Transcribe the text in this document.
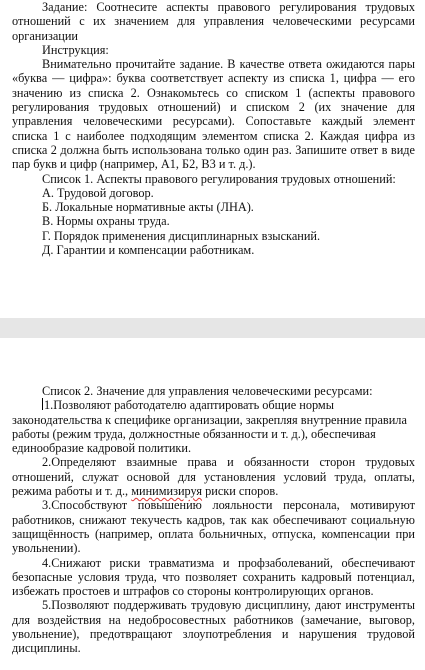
Задание: Соотнесите аспекты правового регулирования трудовых отношений с их значением для управления человеческими ресурсами организации

Инструкция:

Внимательно прочитайте задание. В качестве ответа ожидаются пары «буква — цифра»: буква соответствует аспекту из списка 1, цифра — его значению из списка 2. Ознакомьтесь со списком 1 (аспекты правового регулирования трудовых отношений) и списком 2 (их значение для управления человеческими ресурсами). Сопоставьте каждый элемент списка 1 с наиболее подходящим элементом списка 2. Каждая цифра из списка 2 должна быть использована только один раз. Запишите ответ в виде пар букв и цифр (например, А1, Б2, В3 и т. д.).

Список 1. Аспекты правового регулирования трудовых отношений:

А. Трудовой договор.

Б. Локальные нормативные акты (ЛНА).

В. Нормы охраны труда.

Г. Порядок применения дисциплинарных взысканий.

Д. Гарантии и компенсации работникам.

Список 2. Значение для управления человеческими ресурсами:

1.Позволяют работодателю адаптировать общие нормы законодательства к специфике организации, закрепляя внутренние правила работы (режим труда, должностные обязанности и т. д.), обеспечивая единообразие кадровой политики.

2.Определяют взаимные права и обязанности сторон трудовых отношений, служат основой для установления условий труда, оплаты, режима работы и т. д., минимизируя риски споров.

3.Способствуют повышению лояльности персонала, мотивируют работников, снижают текучесть кадров, так как обеспечивают социальную защищённость (например, оплата больничных, отпуска, компенсации при увольнении).

4.Снижают риски травматизма и профзаболеваний, обеспечивают безопасные условия труда, что позволяет сохранить кадровый потенциал, избежать простоев и штрафов со стороны контролирующих органов.

5.Позволяют поддерживать трудовую дисциплину, дают инструменты для воздействия на недобросовестных работников (замечание, выговор, увольнение), предотвращают злоупотребления и нарушения трудовой дисциплины.
